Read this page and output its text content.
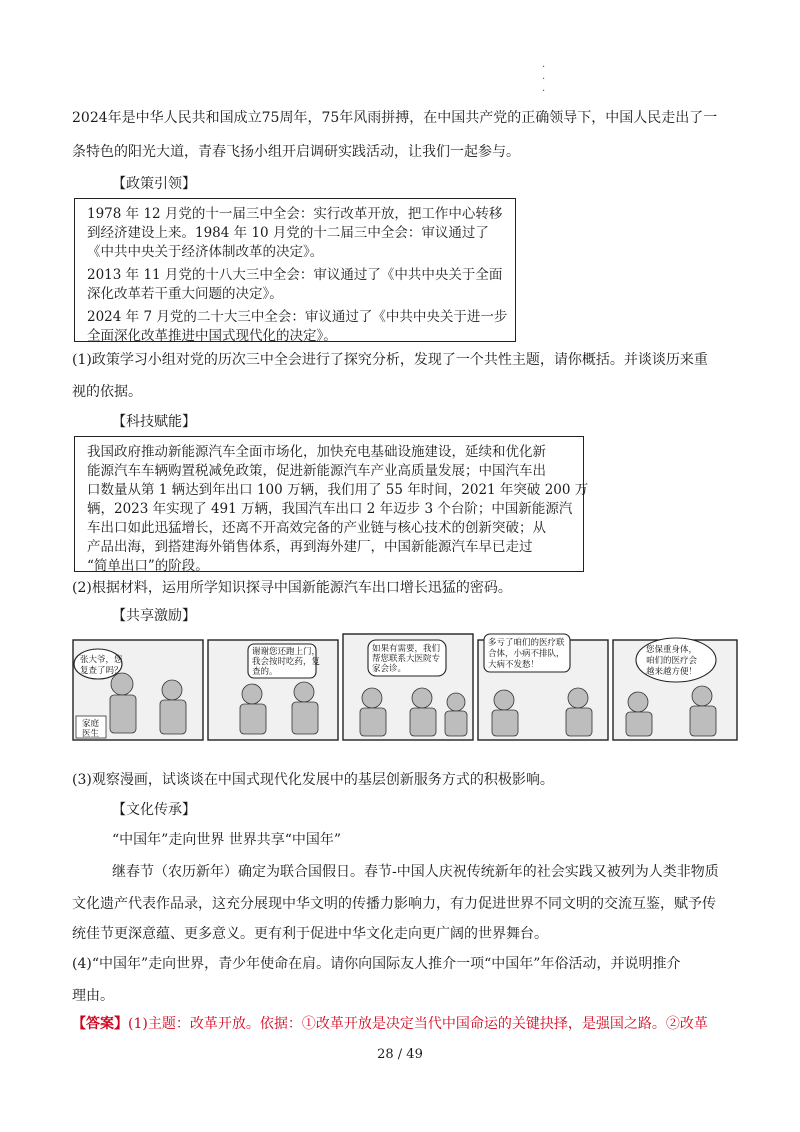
·
·
·
2024年是中华人民共和国成立75周年，75年风雨拼搏，在中国共产党的正确领导下，中国人民走出了一
条特色的阳光大道，青春飞扬小组开启调研实践活动，让我们一起参与。
【政策引领】

1978 年 12 月党的十一届三中全会：实行改革开放，把工作中心转移

到经济建设上来。1984 年 10 月党的十二届三中全会：审议通过了

《中共中央关于经济体制改革的决定》。

2013 年 11 月党的十八大三中全会：审议通过了《中共中央关于全面

深化改革若干重大问题的决定》。

2024 年 7 月党的二十大三中全会：审议通过了《中共中央关于进一步

全面深化改革推进中国式现代化的决定》。

(1)政策学习小组对党的历次三中全会进行了探究分析，发现了一个共性主题，请你概括。并谈谈历来重
视的依据。
【科技赋能】

我国政府推动新能源汽车全面市场化，加快充电基础设施建设，延续和优化新

能源汽车车辆购置税减免政策，促进新能源汽车产业高质量发展；中国汽车出

口数量从第 1 辆达到年出口 100 万辆，我们用了 55 年时间，2021 年突破 200 万

辆，2023 年实现了 491 万辆，我国汽车出口 2 年迈步 3 个台阶；中国新能源汽

车出口如此迅猛增长，还离不开高效完备的产业链与核心技术的创新突破；从

产品出海，到搭建海外销售体系，再到海外建厂，中国新能源汽车早已走过

“简单出口”的阶段。

(2)根据材料，运用所学知识探寻中国新能源汽车出口增长迅猛的密码。
【共享激励】
张大爷，您
复查了吗？
家庭
医生
谢谢您还跑上门，
我会按时吃药，复
查的。
如果有需要，我们
帮您联系大医院专
家会诊。
多亏了咱们的医疗联
合体，小病不排队，
大病不发愁！
您保重身体，
咱们的医疗会
越来越方便！
(3)观察漫画，试谈谈在中国式现代化发展中的基层创新服务方式的积极影响。
【文化传承】
“中国年”走向世界 世界共享“中国年”
继春节（农历新年）确定为联合国假日。春节-中国人庆祝传统新年的社会实践又被列为人类非物质
文化遗产代表作品录，这充分展现中华文明的传播力影响力，有力促进世界不同文明的交流互鉴，赋予传
统佳节更深意蕴、更多意义。更有利于促进中华文化走向更广阔的世界舞台。
(4)“中国年”走向世界，青少年使命在肩。请你向国际友人推介一项“中国年”年俗活动，并说明推介
理由。
【答案】(1)主题：改革开放。依据：①改革开放是决定当代中国命运的关键抉择，是强国之路。②改革
28 / 49
